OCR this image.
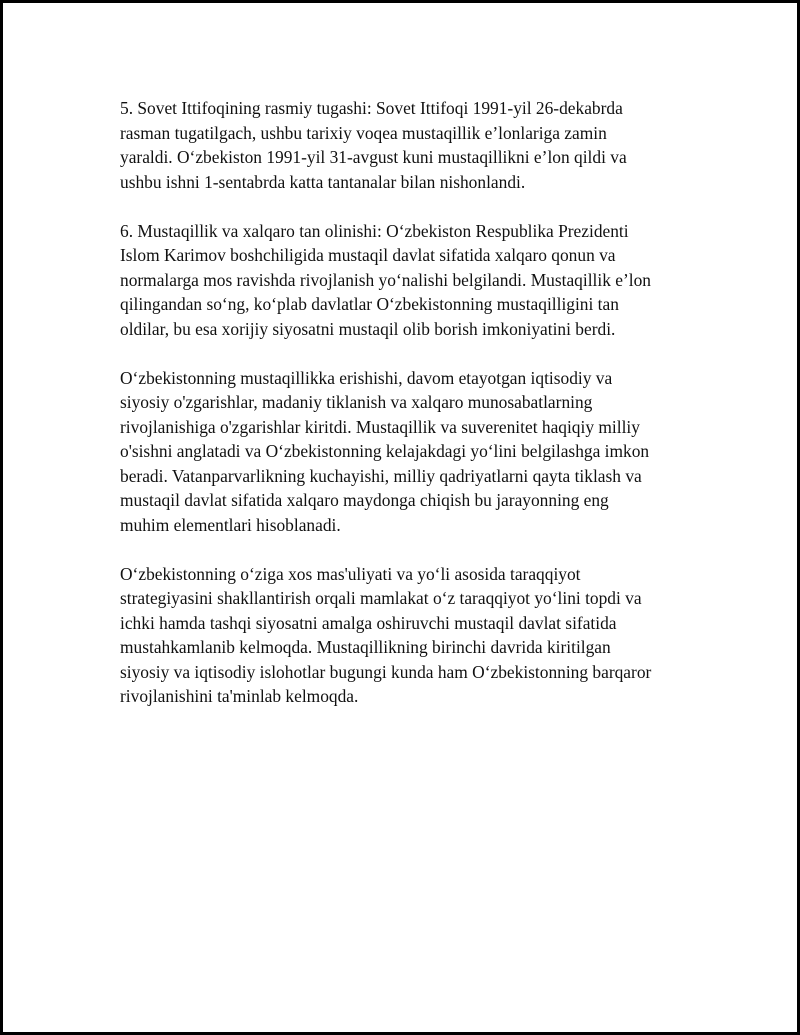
5. Sovet Ittifoqining rasmiy tugashi: Sovet Ittifoqi 1991-yil 26-dekabrda
rasman tugatilgach, ushbu tarixiy voqea mustaqillik e’lonlariga zamin
yaraldi. O‘zbekiston 1991-yil 31-avgust kuni mustaqillikni e’lon qildi va
ushbu ishni 1-sentabrda katta tantanalar bilan nishonlandi.

6. Mustaqillik va xalqaro tan olinishi: O‘zbekiston Respublika Prezidenti
Islom Karimov boshchiligida mustaqil davlat sifatida xalqaro qonun va
normalarga mos ravishda rivojlanish yo‘nalishi belgilandi. Mustaqillik e’lon
qilingandan so‘ng, ko‘plab davlatlar O‘zbekistonning mustaqilligini tan
oldilar, bu esa xorijiy siyosatni mustaqil olib borish imkoniyatini berdi.

O‘zbekistonning mustaqillikka erishishi, davom etayotgan iqtisodiy va
siyosiy o'zgarishlar, madaniy tiklanish va xalqaro munosabatlarning
rivojlanishiga o'zgarishlar kiritdi. Mustaqillik va suverenitet haqiqiy milliy
o'sishni anglatadi va O‘zbekistonning kelajakdagi yo‘lini belgilashga imkon
beradi. Vatanparvarlikning kuchayishi, milliy qadriyatlarni qayta tiklash va
mustaqil davlat sifatida xalqaro maydonga chiqish bu jarayonning eng
muhim elementlari hisoblanadi.

O‘zbekistonning o‘ziga xos mas'uliyati va yo‘li asosida taraqqiyot
strategiyasini shakllantirish orqali mamlakat o‘z taraqqiyot yo‘lini topdi va
ichki hamda tashqi siyosatni amalga oshiruvchi mustaqil davlat sifatida
mustahkamlanib kelmoqda. Mustaqillikning birinchi davrida kiritilgan
siyosiy va iqtisodiy islohotlar bugungi kunda ham O‘zbekistonning barqaror
rivojlanishini ta'minlab kelmoqda.
